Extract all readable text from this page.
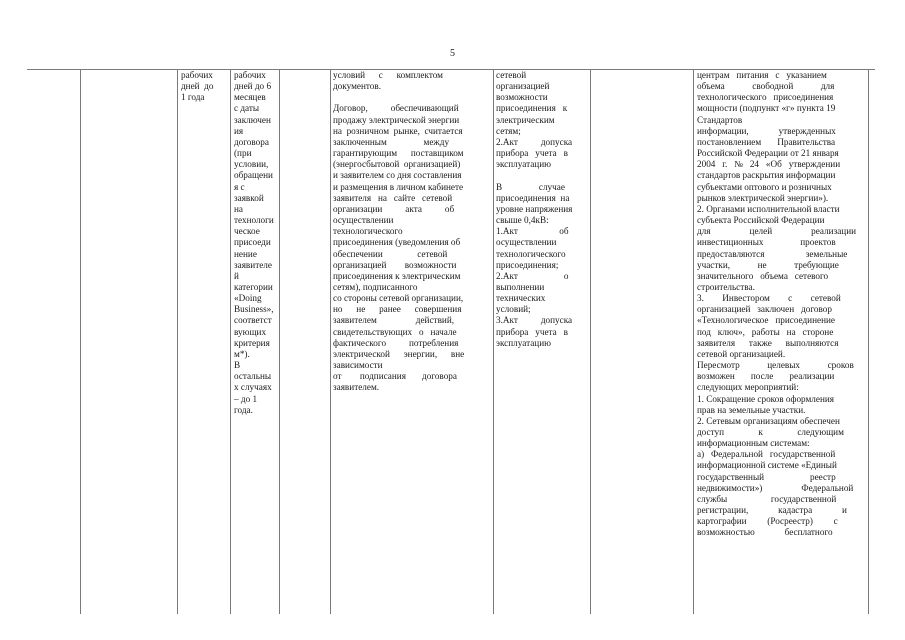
5
рабочих
дней  до
1 года
рабочих
дней до 6
месяцев
с даты
заключен
ия
договора
(при
условии,
обращени
я с
заявкой
на
технологи
ческое
присоеди
нение
заявителе
й
категории
«Doing
Business»,
соответст
вующих
критерия
м*).
В
остальны
х случаях
– до 1
года.
условий      с      комплектом
документов.

Договор,          обеспечивающий
продажу электрической энергии
на  розничном  рынке,  считается
заключенным                между
гарантирующим      поставщиком
(энергосбытовой  организацией)
и заявителем со дня составления
и размещения в личном кабинете
заявителя   на   сайте   сетевой
организации          акта          об
осуществлении
технологического
присоединения (уведомления об
обеспечении               сетевой
организацией        возможности
присоединения к электрическим
сетям), подписанного
со стороны сетевой организации,
но      не      ранее      совершения
заявителем                 действий,
свидетельствующих   о   начале
фактического          потребления
электрической      энергии,      вне
зависимости
от        подписания       договора
заявителем.
сетевой
организацией
возможности
присоединения   к
электрическим
сетям;
2.Акт          допуска
прибора   учета   в
эксплуатацию

В                случае
присоединения  на
уровне напряжения
свыше 0,4кВ:
1.Акт                  об
осуществлении
технологического
присоединения;
2.Акт                    о
выполнении
технических
условий;
3.Акт          допуска
прибора   учета   в
эксплуатацию
центрам   питания   с   указанием
объема            свободной            для
технологического   присоединения
мощности (подпункт «г» пункта 19
Стандартов
информации,             утвержденных
постановлением       Правительства
Российской Федерации от 21 января
2004   г.   №   24   «Об   утверждении
стандартов раскрытия информации
субъектами оптового и розничных
рынков электрической энергии»).
2. Органами исполнительной власти
субъекта Российской Федерации
для                 целей                 реализации
инвестиционных                проектов
предоставляются                  земельные
участки,            не            требующие
значительного   объема   сетевого
строительства.
3.        Инвестором        с        сетевой
организацией   заключен   договор
«Технологическое   присоединение
под   ключ»,   работы   на   стороне
заявителя      также      выполняются
сетевой организацией.
Пересмотр            целевых            сроков
возможен       после       реализации
следующих мероприятий:
1. Сокращение сроков оформления
прав на земельные участки.
2. Сетевым организациям обеспечен
доступ               к               следующим
информационным системам:
а)   Федеральной   государственной
информационной системе «Единый
государственный                    реестр
недвижимости»)                 Федеральной
службы                   государственной
регистрации,             кадастра             и
картографии         (Росреестр)         с
возможностью             бесплатного
